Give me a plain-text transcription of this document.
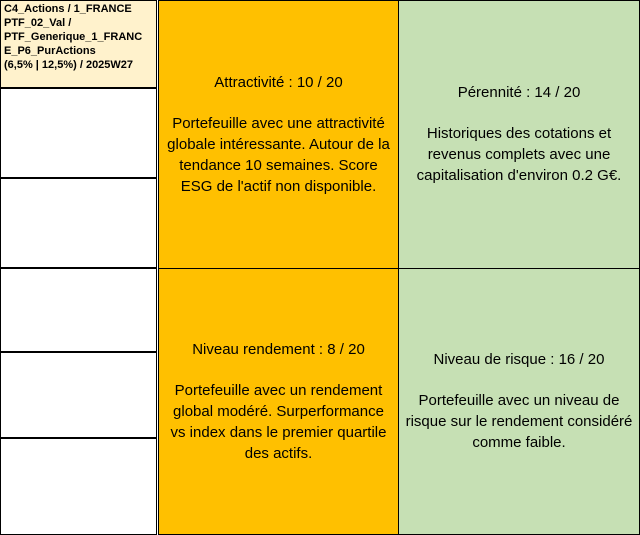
C4_Actions / 1_FRANCE
PTF_02_Val /
PTF_Generique_1_FRANC
E_P6_PurActions
(6,5% | 12,5%) / 2025W27
Attractivité : 10 / 20
Portefeuille avec une attractivité globale intéressante. Autour de la tendance 10 semaines. Score ESG de l'actif non disponible.
Pérennité : 14 / 20
Historiques des cotations et revenus complets avec une capitalisation d'environ 0.2 G€.
Niveau rendement : 8 / 20
Portefeuille avec un rendement global modéré. Surperformance vs index dans le premier quartile des actifs.
Niveau de risque : 16 / 20
Portefeuille avec un niveau de risque sur le rendement considéré comme faible.
